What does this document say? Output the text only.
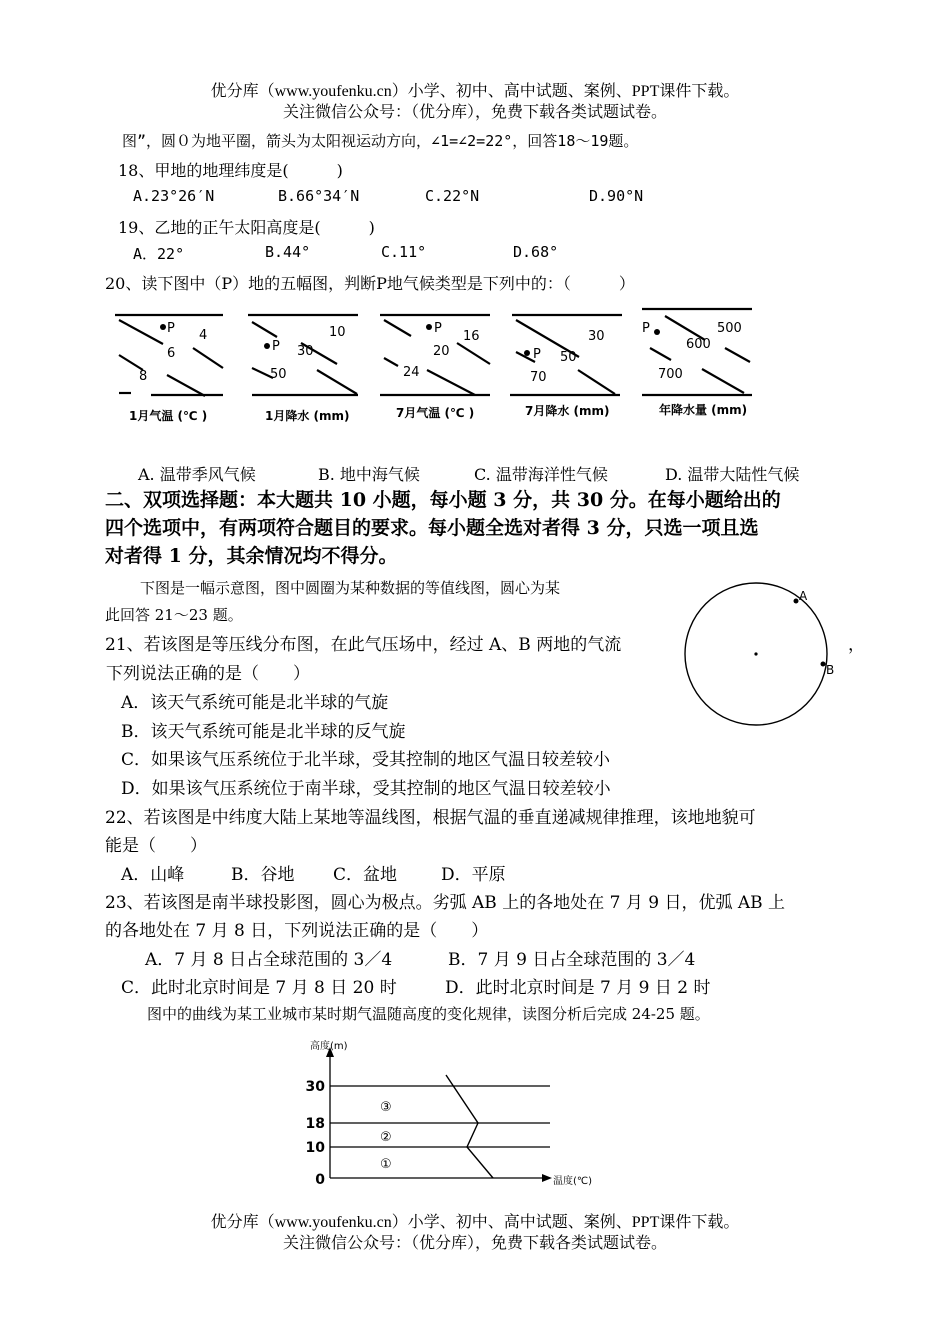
优分库（www.youfenku.cn）小学、初中、高中试题、案例、PPT课件下载。
关注微信公众号：（优分库），免费下载各类试题试卷。
图”，圆０为地平圈，箭头为太阳视运动方向，∠1=∠2=22°，回答18～19题。
18、甲地的地理纬度是(　　　)
A.23°26′N	B.66°34′N	C.22°N	D.90°N
19、乙地的正午太阳高度是(　　　)
A．22°	B.44°	C.11°	D.68°
20、读下图中（P）地的五幅图，判断P地气候类型是下列中的：（　　　）
P 4
6
8
P
10
30
50
P
16
20
24
P
30
50
70
P	500
600
700
1月气温 (℃ )	1月降水 (mm)	7月气温 (℃ )	7月降水 (mm)	年降水量 (mm)
A. 温带季风气候	B. 地中海气候	C. 温带海洋性气候	D. 温带大陆性气候
二、双项选择题：本大题共 10 小题，每小题 3 分，共 30 分。在每小题给出的
四个选项中，有两项符合题目的要求。每小题全选对者得 3 分，只选一项且选
对者得 1 分，其余情况均不得分。
下图是一幅示意图，图中圆圈为某种数据的等值线图，圆心为某
此回答 21～23 题。
21、若该图是等压线分布图，在此气压场中，经过 A、B 两地的气流
下列说法正确的是（　　）
A．该天气系统可能是北半球的气旋
B．该天气系统可能是北半球的反气旋
C．如果该气压系统位于北半球，受其控制的地区气温日较差较小
D．如果该气压系统位于南半球，受其控制的地区气温日较差较小
A
B
，
22、若该图是中纬度大陆上某地等温线图，根据气温的垂直递减规律推理，该地地貌可
能是（　　）
A．山峰	B．谷地 C．盆地	D．平原
23、若该图是南半球投影图，圆心为极点。劣弧 AB 上的各地处在 7 月 9 日，优弧 AB 上
的各地处在 7 月 8 日，下列说法正确的是（　　）
A．7 月 8 日占全球范围的 3／4	B．7 月 9 日占全球范围的 3／4
C．此时北京时间是 7 月 8 日 20 时	D．此时北京时间是 7 月 9 日 2 时
图中的曲线为某工业城市某时期气温随高度的变化规律，读图分析后完成 24-25 题。
高度(m)
温度(℃)
0
10
18
30
①
②
③
优分库（www.youfenku.cn）小学、初中、高中试题、案例、PPT课件下载。
关注微信公众号：（优分库），免费下载各类试题试卷。
